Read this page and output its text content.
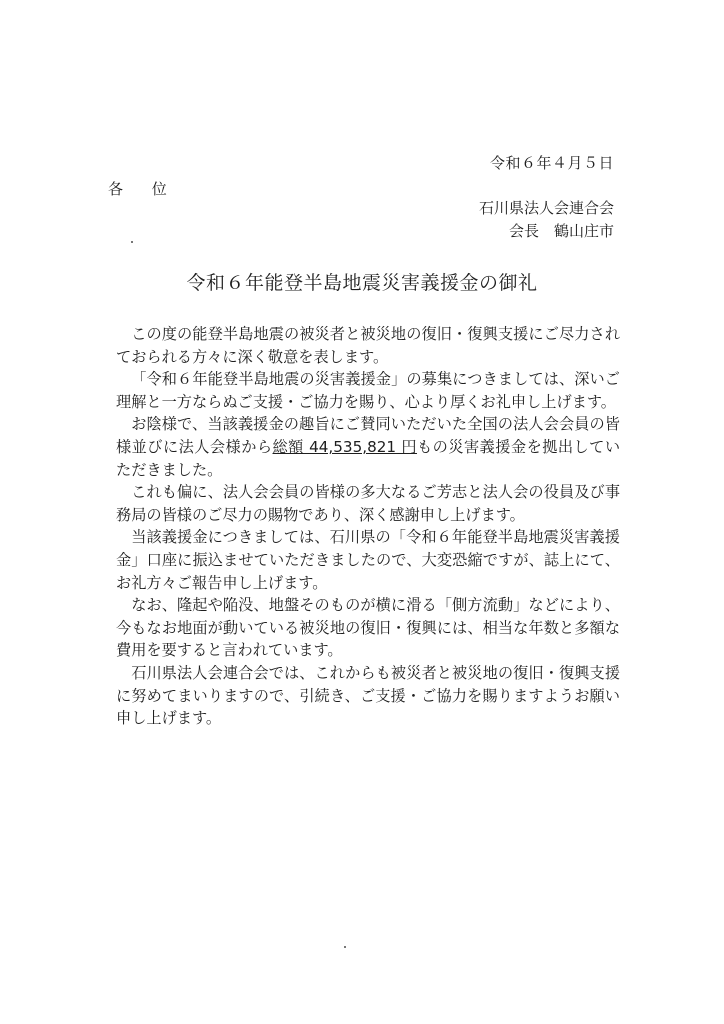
令和６年４月５日
各 位
石川県法人会連合会
会長　鶴山庄市
令和６年能登半島地震災害義援金の御礼

この度の能登半島地震の被災者と被災地の復旧・復興支援にご尽力されておられる方々に深く敬意を表します。

「令和６年能登半島地震の災害義援金」の募集につきましては、深いご理解と一方ならぬご支援・ご協力を賜り、心より厚くお礼申し上げます。

お陰様で、当該義援金の趣旨にご賛同いただいた全国の法人会会員の皆様並びに法人会様から総額 44,535,821 円もの災害義援金を拠出していただきました。

これも偏に、法人会会員の皆様の多大なるご芳志と法人会の役員及び事務局の皆様のご尽力の賜物であり、深く感謝申し上げます。

当該義援金につきましては、石川県の「令和６年能登半島地震災害義援金」口座に振込ませていただきましたので、大変恐縮ですが、誌上にて、お礼方々ご報告申し上げます。

なお、隆起や陥没、地盤そのものが横に滑る「側方流動」などにより、今もなお地面が動いている被災地の復旧・復興には、相当な年数と多額な費用を要すると言われています。

石川県法人会連合会では、これからも被災者と被災地の復旧・復興支援に努めてまいりますので、引続き、ご支援・ご協力を賜りますようお願い申し上げます。
